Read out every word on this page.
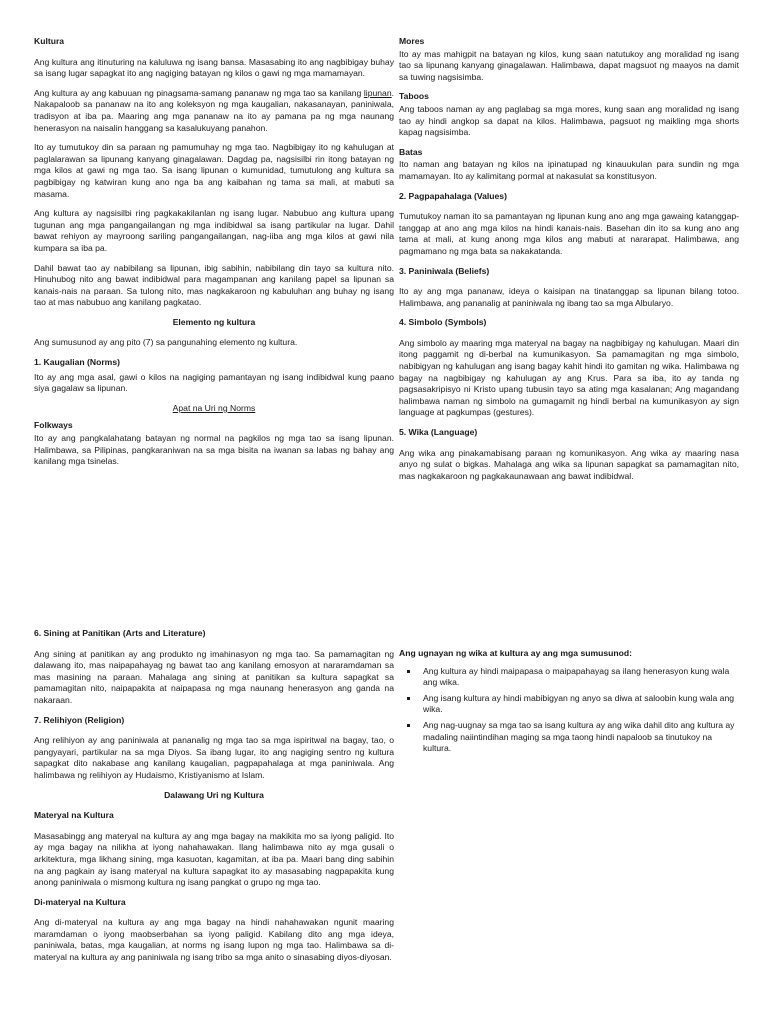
Kultura

Ang kultura ang itinuturing na kaluluwa ng isang bansa. Masasabing ito ang nagbibigay buhay sa isang lugar sapagkat ito ang nagiging batayan ng kilos o gawi ng mga mamamayan.

Ang kultura ay ang kabuuan ng pinagsama-samang pananaw ng mga tao sa kanilang lipunan. Nakapaloob sa pananaw na ito ang koleksyon ng mga kaugalian, nakasanayan, paniniwala, tradisyon at iba pa. Maaring ang mga pananaw na ito ay pamana pa ng mga naunang henerasyon na naisalin hanggang sa kasalukuyang panahon.

Ito ay tumutukoy din sa paraan ng pamumuhay ng mga tao. Nagbibigay ito ng kahulugan at paglalarawan sa lipunang kanyang ginagalawan. Dagdag pa, nagsisilbi rin itong batayan ng mga kilos at gawi ng mga tao. Sa isang lipunan o kumunidad, tumutulong ang kultura sa pagbibigay ng katwiran kung ano nga ba ang kaibahan ng tama sa mali, at mabuti sa masama.

Ang kultura ay nagsisilbi ring pagkakakilanlan ng isang lugar. Nabubuo ang kultura upang tugunan ang mga pangangailangan ng mga indibidwal sa isang partikular na lugar. Dahil bawat rehiyon ay mayroong sariling pangangailangan, nag-iiba ang mga kilos at gawi nila kumpara sa iba pa.

Dahil bawat tao ay nabibilang sa lipunan, ibig sabihin, nabibilang din tayo sa kultura nito. Hinuhubog nito ang bawat indibidwal para magampanan ang kanilang papel sa lipunan sa kanais-nais na paraan. Sa tulong nito, mas nagkakaroon ng kabuluhan ang buhay ng isang tao at mas nabubuo ang kanilang pagkatao.

Elemento ng kultura

Ang sumusunod ay ang pito (7) sa pangunahing elemento ng kultura.

1. Kaugalian (Norms)

Ito ay ang mga asal, gawi o kilos na nagiging pamantayan ng isang indibidwal kung paano siya gagalaw sa lipunan.

Apat na Uri ng Norms
Folkways

Ito ay ang pangkalahatang batayan ng normal na pagkilos ng mga tao sa isang lipunan. Halimbawa, sa Pilipinas, pangkaraniwan na sa mga bisita na iwanan sa labas ng bahay ang kanilang mga tsinelas.

Mores

Ito ay mas mahigpit na batayan ng kilos, kung saan natutukoy ang moralidad ng isang tao sa lipunang kanyang ginagalawan. Halimbawa, dapat magsuot ng maayos na damit sa tuwing nagsisimba.

Taboos

Ang taboos naman ay ang paglabag sa mga mores, kung saan ang moralidad ng isang tao ay hindi angkop sa dapat na kilos. Halimbawa, pagsuot ng maikling mga shorts kapag nagsisimba.

Batas

Ito naman ang batayan ng kilos na ipinatupad ng kinauukulan para sundin ng mga mamamayan. Ito ay kalimitang pormal at nakasulat sa konstitusyon.

2. Pagpapahalaga (Values)

Tumutukoy naman ito sa pamantayan ng lipunan kung ano ang mga gawaing katanggap-tanggap at ano ang mga kilos na hindi kanais-nais. Basehan din ito sa kung ano ang tama at mali, at kung anong mga kilos ang mabuti at nararapat. Halimbawa, ang pagmamano ng mga bata sa nakakatanda.

3. Paniniwala (Beliefs)

Ito ay ang mga pananaw, ideya o kaisipan na tinatanggap sa lipunan bilang totoo. Halimbawa, ang pananalig at paniniwala ng ibang tao sa mga Albularyo.

4. Simbolo (Symbols)

Ang simbolo ay maaring mga materyal na bagay na nagbibigay ng kahulugan. Maari din itong paggamit ng di-berbal na kumunikasyon. Sa pamamagitan ng mga simbolo, nabibigyan ng kahulugan ang isang bagay kahit hindi ito gamitan ng wika. Halimbawa ng bagay na nagbibigay ng kahulugan ay ang Krus. Para sa iba, ito ay tanda ng pagsasakripisyo ni Kristo upang tubusin tayo sa ating mga kasalanan; Ang magandang halimbawa naman ng simbolo na gumagamit ng hindi berbal na kumunikasyon ay sign language at pagkumpas (gestures).

5. Wika (Language)

Ang wika ang pinakamabisang paraan ng komunikasyon. Ang wika ay maaring nasa anyo ng sulat o bigkas. Mahalaga ang wika sa lipunan sapagkat sa pamamagitan nito, mas nagkakaroon ng pagkakaunawaan ang bawat indibidwal.

6. Sining at Panitikan (Arts and Literature)

Ang sining at panitikan ay ang produkto ng imahinasyon ng mga tao. Sa pamamagitan ng dalawang ito, mas naipapahayag ng bawat tao ang kanilang emosyon at nararamdaman sa mas masining na paraan. Mahalaga ang sining at panitikan sa kultura sapagkat sa pamamagitan nito, naipapakita at naipapasa ng mga naunang henerasyon ang ganda na nakaraan.

7. Relihiyon (Religion)

Ang relihiyon ay ang paniniwala at pananalig ng mga tao sa mga ispiritwal na bagay, tao, o pangyayari, partikular na sa mga Diyos. Sa ibang lugar, ito ang nagiging sentro ng kultura sapagkat dito nakabase ang kanilang kaugalian, pagpapahalaga at mga paniniwala. Ang halimbawa ng relihiyon ay Hudaismo, Kristiyanismo at Islam.

Dalawang Uri ng Kultura
Materyal na Kultura

Masasabingg ang materyal na kultura ay ang mga bagay na makikita mo sa iyong paligid. Ito ay mga bagay na nilikha at iyong nahahawakan. Ilang halimbawa nito ay mga gusali o arkitektura, mga likhang sining, mga kasuotan, kagamitan, at iba pa. Maari bang ding sabihin na ang pagkain ay isang materyal na kultura sapagkat ito ay masasabing nagpapakita kung anong paniniwala o mismong kultura ng isang pangkat o grupo ng mga tao.

Di-materyal na Kultura

Ang di-materyal na kultura ay ang mga bagay na hindi nahahawakan ngunit maaring maramdaman o iyong maobserbahan sa iyong paligid. Kabilang dito ang mga ideya, paniniwala, batas, mga kaugalian, at norms ng isang lupon ng mga tao. Halimbawa sa di-materyal na kultura ay ang paniniwala ng isang tribo sa mga anito o sinasabing diyos-diyosan.

Ang ugnayan ng wika at kultura ay ang mga sumusunod:
▪ Ang kultura ay hindi maipapasa o maipapahayag sa ilang henerasyon kung wala ang wika.
▪ Ang isang kultura ay hindi mabibigyan ng anyo sa diwa at saloobin kung wala ang wika.
▪ Ang nag-uugnay sa mga tao sa isang kultura ay ang wika dahil dito ang kultura ay madaling naiintindihan maging sa mga taong hindi napaloob sa tinutukoy na kultura.
